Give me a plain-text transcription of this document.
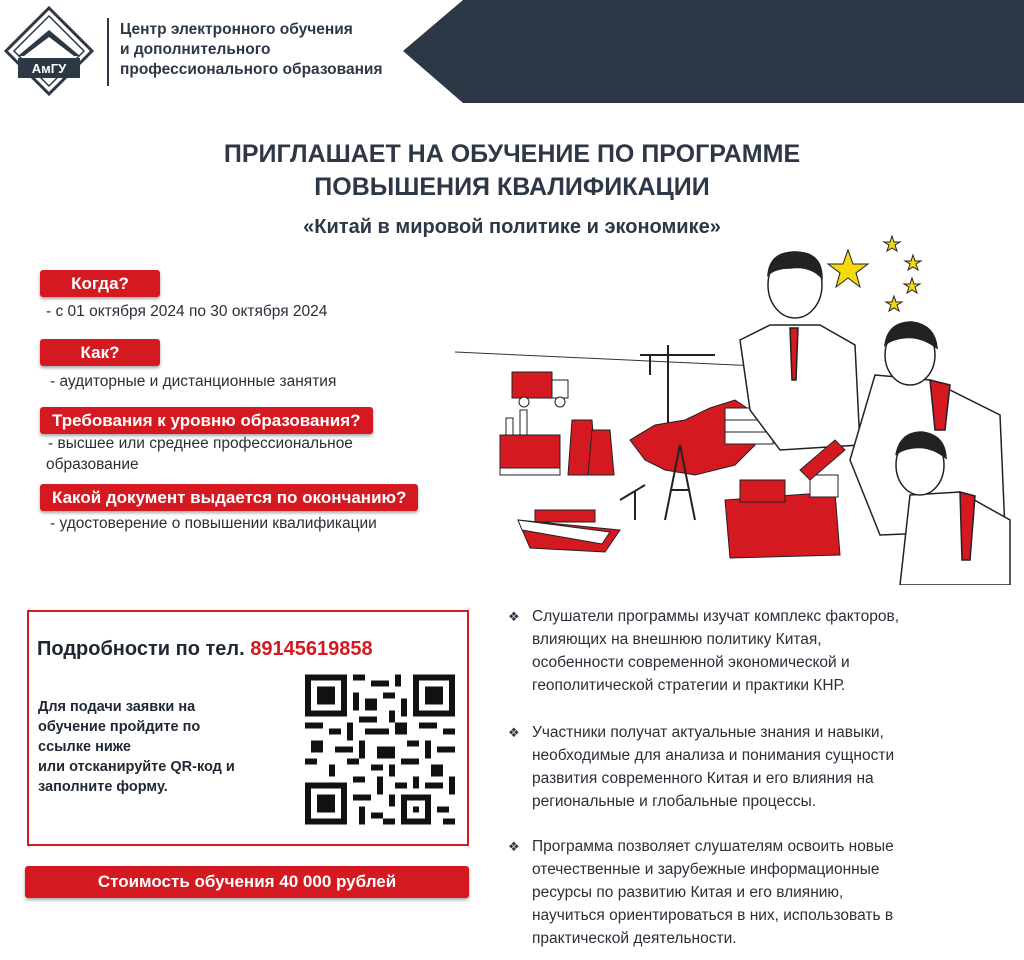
АмГУ
Центр электронного обучения
и дополнительного
профессионального образования
ПРИГЛАШАЕТ НА ОБУЧЕНИЕ ПО ПРОГРАММЕ
ПОВЫШЕНИЯ КВАЛИФИКАЦИИ
«Китай в мировой политике и экономике»
Когда?
- с 01 октября 2024 по 30 октября 2024
Как?
- аудиторные и дистанционные занятия
Требования к уровню образования?
- высшее или среднее профессиональное
образование
Какой документ выдается по окончанию?
- удостоверение о повышении квалификации
Подробности по тел. 89145619858
Для подачи заявки на
обучение пройдите по
ссылке ниже
или отсканируйте QR-код и
заполните форму.
Стоимость обучения 40 000 рублей
❖ Слушатели программы изучат комплекс факторов,
влияющих на внешнюю политику Китая,
особенности современной экономической и
геополитической стратегии и практики КНР.
❖ Участники получат актуальные знания и навыки,
необходимые для анализа и понимания сущности
развития современного Китая и его влияния на
региональные и глобальные процессы.
❖ Программа позволяет слушателям освоить новые
отечественные и зарубежные информационные
ресурсы по развитию Китая и его влиянию,
научиться ориентироваться в них, использовать в
практической деятельности.
